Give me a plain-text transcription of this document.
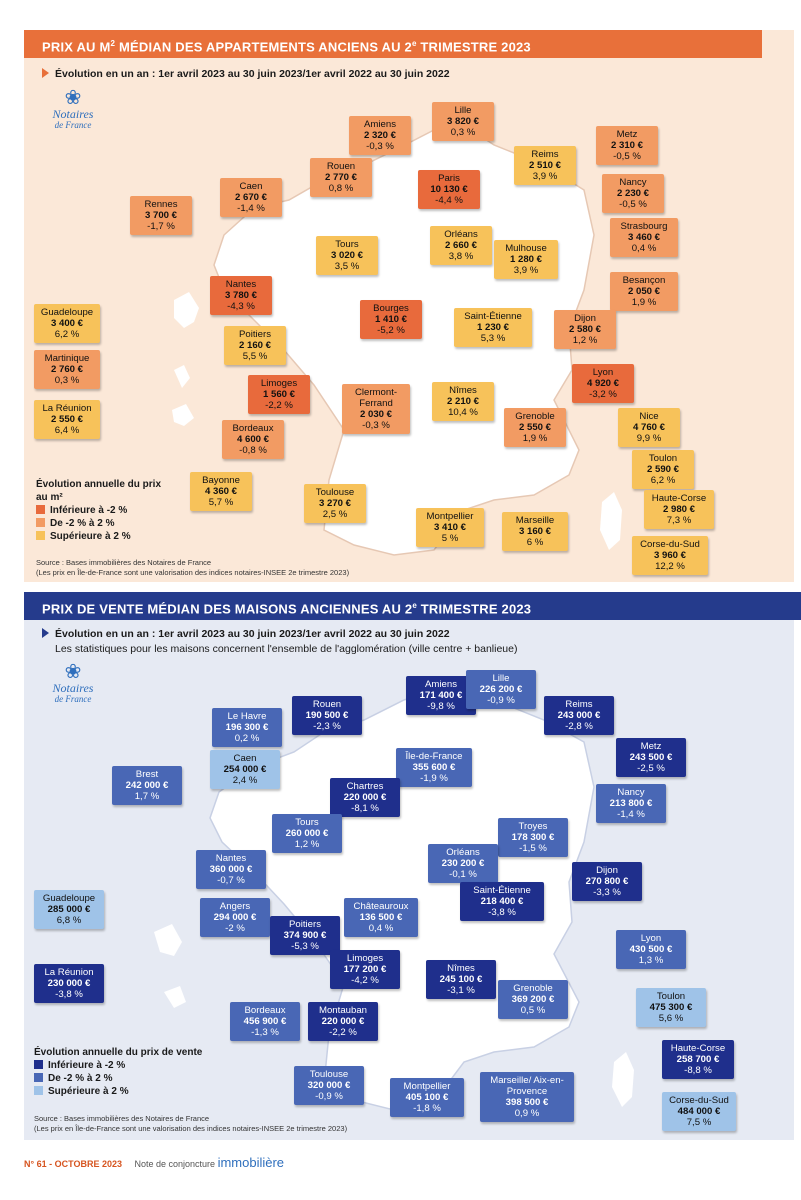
PRIX AU $M^2$ MÉDIAN DES APPARTEMENTS ANCIENS AU 2e TRIMESTRE 2023
Évolution en un an : 1er avril 2023 au 30 juin 2023/1er avril 2022 au 30 juin 2022
❀
Notaires
de France
Lille
3 820 €
0,3 %
Amiens
2 320 €
-0,3 %
Metz
2 310 €
-0,5 %
Reims
2 510 €
3,9 %
Rouen
2 770 €
0,8 %
Caen
2 670 €
-1,4 %
Paris
10 130 €
-4,4 %
Nancy
2 230 €
-0,5 %
Rennes
3 700 €
-1,7 %	Strasbourg
3 460 €
0,4 %
Tours
3 020 €
3,5 %
Orléans
2 660 €
3,8 %
Mulhouse
1 280 €
3,9 %
Besançon
2 050 €
1,9 %
Nantes
3 780 €
-4,3 %	Bourges
1 410 €
-5,2 %
Saint-Étienne
1 230 €
5,3 %
Dijon
2 580 €
1,2 %
Guadeloupe
3 400 €
6,2 %	Poitiers
2 160 €
5,5 %
Martinique
2 760 €
0,3 %	Limoges
1 560 €
-2,2 %
Clermont-Ferrand
2 030 €
-0,3 %
Nîmes
2 210 €
10,4 %
Lyon
4 920 €
-3,2 %
La Réunion
2 550 €
6,4 %	Bordeaux
4 600 €
-0,8 %
Grenoble
2 550 €
1,9 %
Nice
4 760 €
9,9 %
Toulon
2 590 €
6,2 %
Bayonne
4 360 €
5,7 %
Toulouse
3 270 €
2,5 %
Haute-Corse
2 980 €
7,3 %
Montpellier
3 410 €
5 %
Marseille
3 160 €
6 %	Corse-du-Sud
3 960 €
12,2 %
Évolution annuelle du prix au m²
Inférieure à -2 %
De -2 % à 2 %
Supérieure à 2 %
Source : Bases immobilières des Notaires de France
(Les prix en Île-de-France sont une valorisation des indices notaires-INSEE 2e trimestre 2023)
PRIX DE VENTE MÉDIAN DES MAISONS ANCIENNES AU 2e TRIMESTRE 2023
Évolution en un an : 1er avril 2023 au 30 juin 2023/1er avril 2022 au 30 juin 2022
Les statistiques pour les maisons concernent l'ensemble de l'agglomération (ville centre + banlieue)
❀
Notaires
de France
Amiens
171 400 €
-9,8 %
Lille
226 200 €
-0,9 %
Rouen
190 500 €
-2,3 %
Le Havre
196 300 €
0,2 %
Reims
243 000 €
-2,8 %
Metz
243 500 €
-2,5 %
Île-de-France
355 600 €
-1,9 %
Caen
254 000 €
2,4 %
Brest
242 000 €
1,7 %
Chartres
220 000 €
-8,1 %
Nancy
213 800 €
-1,4 %
Tours
260 000 €
1,2 %
Troyes
178 300 €
-1,5 %
Orléans
230 200 €
-0,1 %
Nantes
360 000 €
-0,7 %
Dijon
270 800 €
-3,3 %
Saint-Étienne
218 400 €
-3,8 %
Guadeloupe
285 000 €
6,8 %
Angers
294 000 €
-2 %
Châteauroux
136 500 €
0,4 %
Poitiers
374 900 €
-5,3 %
Lyon
430 500 €
1,3 %
Limoges
177 200 €
-4,2 %
Nîmes
245 100 €
-3,1 %
La Réunion
230 000 €
-3,8 %
Grenoble
369 200 €
0,5 %
Toulon
475 300 €
5,6 %
Bordeaux
456 900 €
-1,3 %
Montauban
220 000 €
-2,2 %
Haute-Corse
258 700 €
-8,8 %
Toulouse
320 000 €
-0,9 %
Montpellier
405 100 €
-1,8 %
Marseille/ Aix-en-Provence
398 500 €
0,9 %
Corse-du-Sud
484 000 €
7,5 %
Évolution annuelle du prix de vente
Inférieure à -2 %
De -2 % à 2 %
Supérieure à 2 %
Source : Bases immobilières des Notaires de France
(Les prix en Île-de-France sont une valorisation des indices notaires-INSEE 2e trimestre 2023)
N° 61 - OCTOBRE 2023 Note de conjoncture immobilière
